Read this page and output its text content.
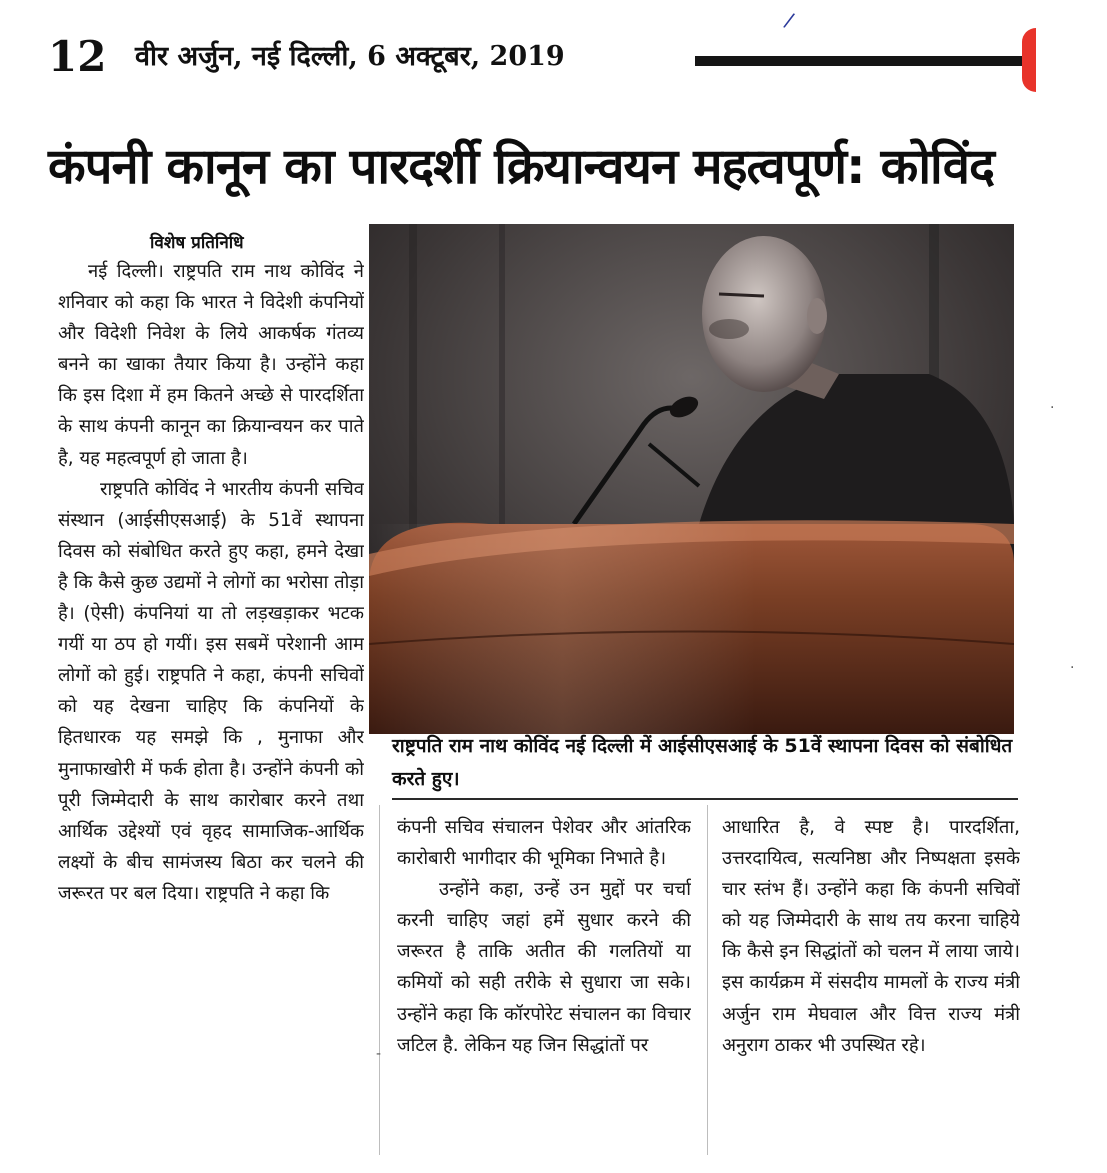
12 वीर अर्जुन, नई दिल्ली, 6 अक्टूबर, 2019
/
कंपनी कानून का पारदर्शी क्रियान्वयन महत्वपूर्ण: कोविंद
विशेष प्रतिनिधि

नई दिल्ली। राष्ट्रपति राम नाथ कोविंद ने शनिवार को कहा कि भारत ने विदेशी कंपनियों और विदेशी निवेश के लिये आकर्षक गंतव्य बनने का खाका तैयार किया है। उन्होंने कहा कि इस दिशा में हम कितने अच्छे से पारदर्शिता के साथ कंपनी कानून का क्रियान्वयन कर पाते है, यह महत्वपूर्ण हो जाता है।

राष्ट्रपति कोविंद ने भारतीय कंपनी सचिव संस्थान (आईसीएसआई) के 51वें स्थापना दिवस को संबोधित करते हुए कहा, हमने देखा है कि कैसे कुछ उद्यमों ने लोगों का भरोसा तोड़ा है। (ऐसी) कंपनियां या तो लड़खड़ाकर भटक गयीं या ठप हो गयीं। इस सबमें परेशानी आम लोगों को हुई। राष्ट्रपति ने कहा, कंपनी सचिवों को यह देखना चाहिए कि कंपनियों के हितधारक यह समझे कि , मुनाफा और मुनाफाखोरी में फर्क होता है। उन्होंने कंपनी को पूरी जिम्मेदारी के साथ कारोबार करने तथा आर्थिक उद्देश्यों एवं वृहद सामाजिक-आर्थिक लक्ष्यों के बीच सामंजस्य बिठा कर चलने की जरूरत पर बल दिया। राष्ट्रपति ने कहा कि

राष्ट्रपति राम नाथ कोविंद नई दिल्ली में आईसीएसआई के 51वें स्थापना दिवस को संबोधित करते हुए।

कंपनी सचिव संचालन पेशेवर और आंतरिक कारोबारी भागीदार की भूमिका निभाते है।

उन्होंने कहा, उन्हें उन मुद्दों पर चर्चा करनी चाहिए जहां हमें सुधार करने की जरूरत है ताकि अतीत की गलतियों या कमियों को सही तरीके से सुधारा जा सके। उन्होंने कहा कि कॉरपोरेट संचालन का विचार जटिल है. लेकिन यह जिन सिद्धांतों पर

आधारित है, वे स्पष्ट है। पारदर्शिता, उत्तरदायित्व, सत्यनिष्ठा और निष्पक्षता इसके चार स्तंभ हैं। उन्होंने कहा कि कंपनी सचिवों को यह जिम्मेदारी के साथ तय करना चाहिये कि कैसे इन सिद्धांतों को चलन में लाया जाये।इस कार्यक्रम में संसदीय मामलों के राज्य मंत्री अर्जुन राम मेघवाल और वित्त राज्य मंत्री अनुराग ठाकर भी उपस्थित रहे।

·
·
-
